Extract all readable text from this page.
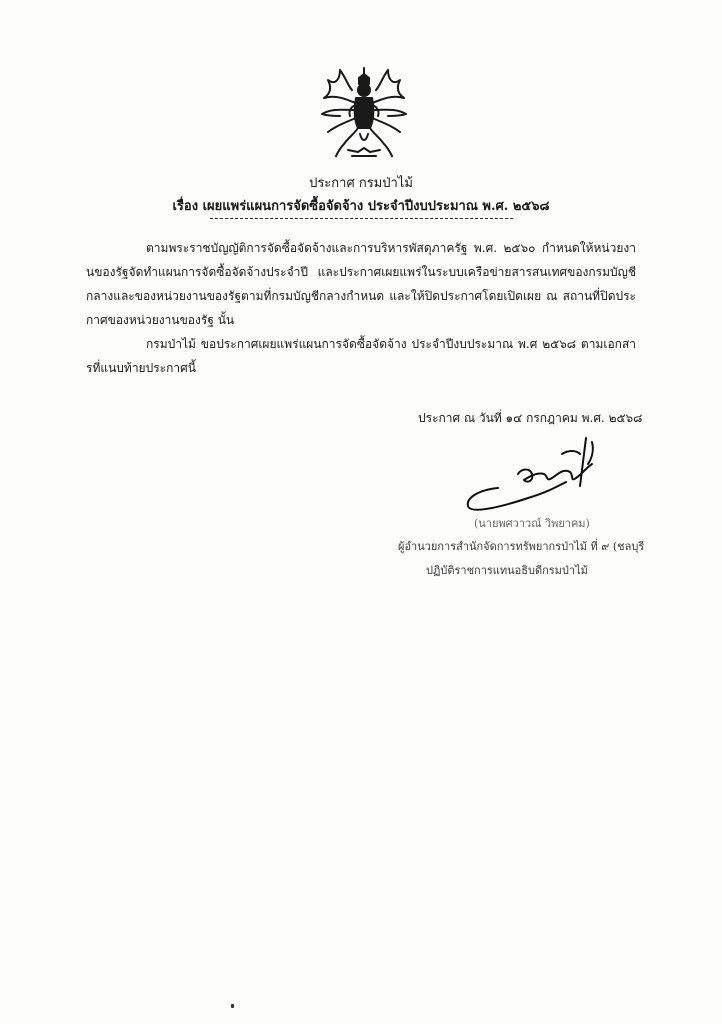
ประกาศ กรมป่าไม้
เรื่อง เผยแพร่แผนการจัดซื้อจัดจ้าง ประจำปีงบประมาณ พ.ศ. ๒๕๖๘
ตามพระราชบัญญัติการจัดซื้อจัดจ้างและการบริหารพัสดุภาครัฐ พ.ศ. ๒๕๖๐ กำหนดให้หน่วยงานของรัฐจัดทำแผนการจัดซื้อจัดจ้างประจำปี และประกาศเผยแพร่ในระบบเครือข่ายสารสนเทศของกรมบัญชีกลางและของหน่วยงานของรัฐตามที่กรมบัญชีกลางกำหนด และให้ปิดประกาศโดยเปิดเผย ณ สถานที่ปิดประกาศของหน่วยงานของรัฐ นั้น
กรมป่าไม้ ขอประกาศเผยแพร่แผนการจัดซื้อจัดจ้าง ประจำปีงบประมาณ พ.ศ ๒๕๖๘ ตามเอกสารที่แนบท้ายประกาศนี้
ประกาศ ณ วันที่ ๑๔ กรกฎาคม พ.ศ. ๒๕๖๘
(นายพศวาวณ์ วิพยาคม)
ผู้อำนวยการสำนักจัดการทรัพยากรป่าไม้ ที่ ๙ (ชลบุรี
ปฏิบัติราชการแทนอธิบดีกรมป่าไม้
